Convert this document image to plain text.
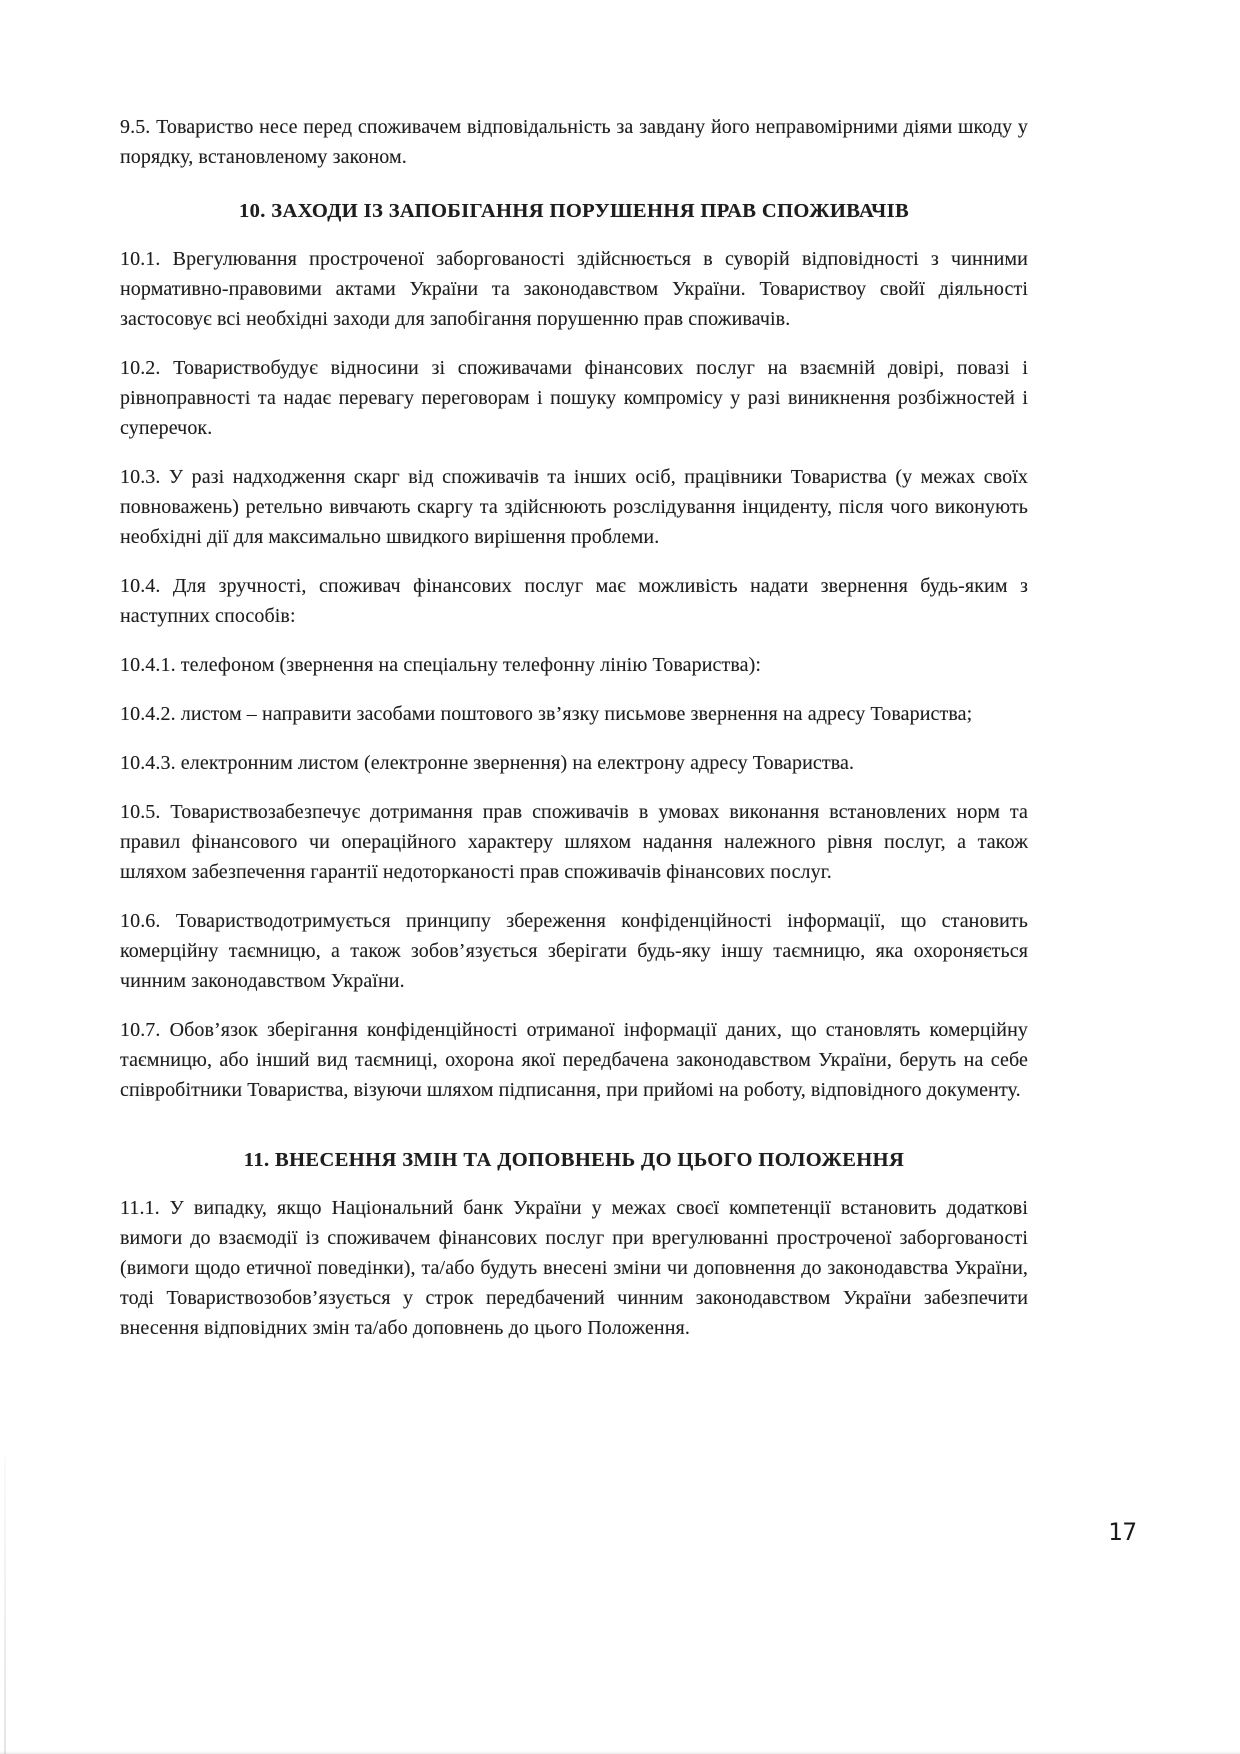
9.5. Товариство несе перед споживачем відповідальність за завдану його неправомірними діями шкоду у порядку, встановленому законом.

10. ЗАХОДИ ІЗ ЗАПОБІГАННЯ ПОРУШЕННЯ ПРАВ СПОЖИВАЧІВ

10.1. Врегулювання простроченої заборгованості здійснюється в суворій відповідності з чинними нормативно-правовими актами України та законодавством України. Товариствоу свойї діяльності застосовує всі необхідні заходи для запобігання порушенню прав споживачів.

10.2. Товариствобудує відносини зі споживачами фінансових послуг на взаємній довірі, повазі і рівноправності та надає перевагу переговорам і пошуку компромісу у разі виникнення розбіжностей і суперечок.

10.3. У разі надходження скарг від споживачів та інших осіб, працівники Товариства (у межах своїх повноважень) ретельно вивчають скаргу та здійснюють розслідування інциденту, після чого виконують необхідні дії для максимально швидкого вирішення проблеми.

10.4. Для зручності, споживач фінансових послуг має можливість надати звернення будь-яким з наступних способів:

10.4.1. телефоном (звернення на спеціальну телефонну лінію Товариства):

10.4.2. листом – направити засобами поштового зв’язку письмове звернення на адресу Товариства;

10.4.3. електронним листом (електронне звернення) на електрону адресу Товариства.

10.5. Товариствозабезпечує дотримання прав споживачів в умовах виконання встановлених норм та правил фінансового чи операційного характеру шляхом надання належного рівня послуг, а також шляхом забезпечення гарантії недоторканості прав споживачів фінансових послуг.

10.6. Товаристводотримується принципу збереження конфіденційності інформації, що становить комерційну таємницю, а також зобов’язується зберігати будь-яку іншу таємницю, яка охороняється чинним законодавством України.

10.7. Обов’язок зберігання конфіденційності отриманої інформації даних, що становлять комерційну таємницю, або інший вид таємниці, охорона якої передбачена законодавством України, беруть на себе співробітники Товариства, візуючи шляхом підписання, при прийомі на роботу, відповідного документу.

11. ВНЕСЕННЯ ЗМІН ТА ДОПОВНЕНЬ ДО ЦЬОГО ПОЛОЖЕННЯ

11.1. У випадку, якщо Національний банк України у межах своєї компетенції встановить додаткові вимоги до взаємодії із споживачем фінансових послуг при врегулюванні простроченої заборгованості (вимоги щодо етичної поведінки), та/або будуть внесені зміни чи доповнення до законодавства України, тоді Товариствозобов’язується у строк передбачений чинним законодавством України забезпечити внесення відповідних змін та/або доповнень до цього Положення.

17
